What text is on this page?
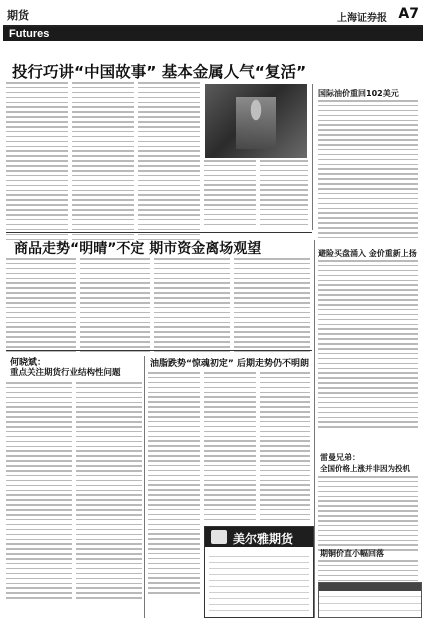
期货	上海证券报 A7
Futures
投行巧讲“中国故事” 基本金属人气“复活”
国际油价重回102美元
避险买盘涌入 金价重新上扬
商品走势“明晴”不定 期市资金离场观望
何晓斌：
重点关注期货行业结构性问题
油脂跌势“惊魂初定” 后期走势仍不明朗
美尔雅期货
雷曼兄弟：
全国价格上涨并非因为投机
期铜价直小幅回落
